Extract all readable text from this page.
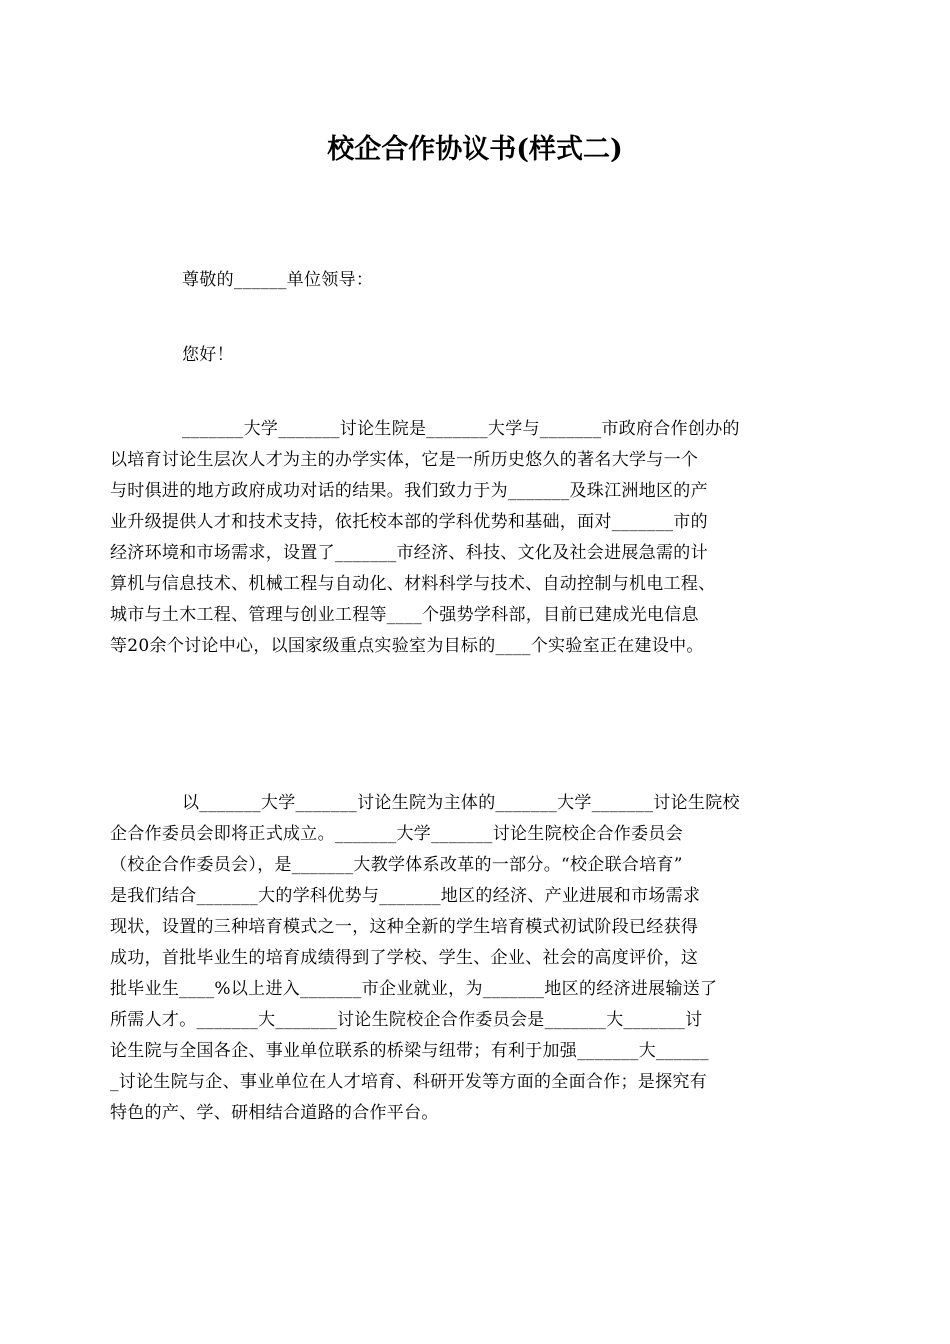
校企合作协议书(样式二)

尊敬的______单位领导：

您好！

_______大学_______讨论生院是_______大学与_______市政府合作创办的
以培育讨论生层次人才为主的办学实体，它是一所历史悠久的著名大学与一个
与时俱进的地方政府成功对话的结果。我们致力于为_______及珠江洲地区的产
业升级提供人才和技术支持，依托校本部的学科优势和基础，面对_______市的
经济环境和市场需求，设置了_______市经济、科技、文化及社会进展急需的计
算机与信息技术、机械工程与自动化、材料科学与技术、自动控制与机电工程、
城市与土木工程、管理与创业工程等____个强势学科部，目前已建成光电信息
等20余个讨论中心，以国家级重点实验室为目标的____个实验室正在建设中。
以_______大学_______讨论生院为主体的_______大学_______讨论生院校
企合作委员会即将正式成立。_______大学_______讨论生院校企合作委员会
（校企合作委员会），是_______大教学体系改革的一部分。“校企联合培育”
是我们结合_______大的学科优势与_______地区的经济、产业进展和市场需求
现状，设置的三种培育模式之一，这种全新的学生培育模式初试阶段已经获得
成功，首批毕业生的培育成绩得到了学校、学生、企业、社会的高度评价，这
批毕业生____%以上进入_______市企业就业，为_______地区的经济进展输送了
所需人才。_______大_______讨论生院校企合作委员会是_______大_______讨
论生院与全国各企、事业单位联系的桥梁与纽带；有利于加强_______大______
_讨论生院与企、事业单位在人才培育、科研开发等方面的全面合作；是探究有
特色的产、学、研相结合道路的合作平台。
